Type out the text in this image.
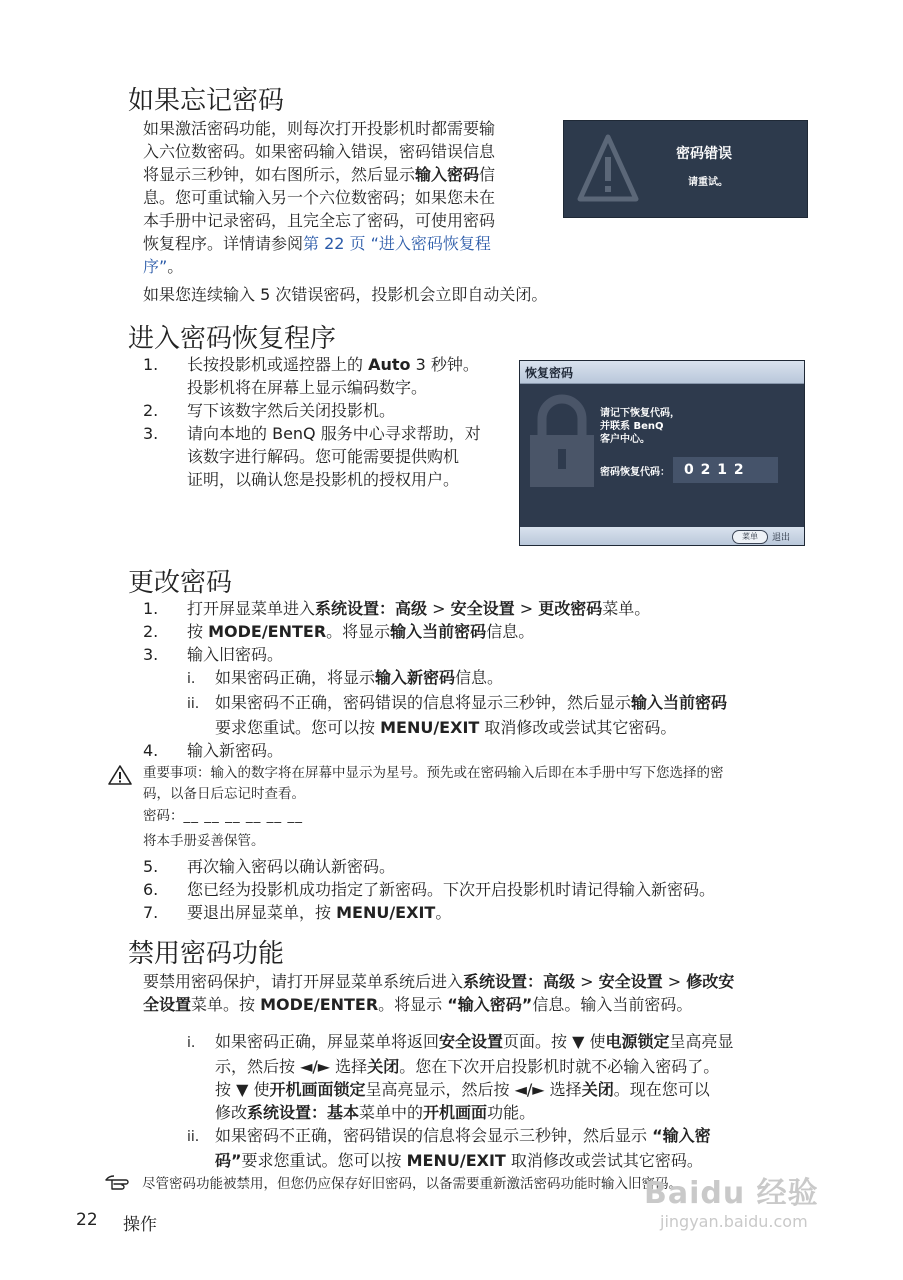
如果忘记密码
如果激活密码功能，则每次打开投影机时都需要输
入六位数密码。如果密码输入错误，密码错误信息
将显示三秒钟，如右图所示，然后显示输入密码信
息。您可重试输入另一个六位数密码；如果您未在
本手册中记录密码，且完全忘了密码，可使用密码
恢复程序。详情请参阅第 22 页 “进入密码恢复程
序”。
密码错误
请重试。
如果您连续输入 5 次错误密码，投影机会立即自动关闭。
进入密码恢复程序
1. 长按投影机或遥控器上的 Auto 3 秒钟。
投影机将在屏幕上显示编码数字。
2. 写下该数字然后关闭投影机。
3. 请向本地的 BenQ 服务中心寻求帮助，对
该数字进行解码。您可能需要提供购机
证明，以确认您是投影机的授权用户。
恢复密码
请记下恢复代码，
并联系 BenQ
客户中心。
密码恢复代码： 0 2 1 2
菜单	退出
更改密码
1. 打开屏显菜单进入系统设置：高级 > 安全设置 > 更改密码菜单。
2. 按 MODE/ENTER。将显示输入当前密码信息。
3. 输入旧密码。
i. 如果密码正确，将显示输入新密码信息。
ii. 如果密码不正确，密码错误的信息将显示三秒钟，然后显示输入当前密码
要求您重试。您可以按 MENU/EXIT 取消修改或尝试其它密码。
4. 输入新密码。
重要事项：输入的数字将在屏幕中显示为星号。预先或在密码输入后即在本手册中写下您选择的密
码，以备日后忘记时查看。
密码：__ __ __ __ __ __
将本手册妥善保管。
5. 再次输入密码以确认新密码。
6. 您已经为投影机成功指定了新密码。下次开启投影机时请记得输入新密码。
7. 要退出屏显菜单，按 MENU/EXIT。
禁用密码功能
要禁用密码保护，请打开屏显菜单系统后进入系统设置：高级 > 安全设置 > 修改安
全设置菜单。按 MODE/ENTER。将显示 “输入密码”信息。输入当前密码。
i. 如果密码正确，屏显菜单将返回安全设置页面。按 ▼ 使电源锁定呈高亮显
示，然后按 ◄/► 选择关闭。您在下次开启投影机时就不必输入密码了。
按 ▼ 使开机画面锁定呈高亮显示，然后按 ◄/► 选择关闭。现在您可以
修改系统设置：基本菜单中的开机画面功能。
ii. 如果密码不正确，密码错误的信息将会显示三秒钟，然后显示 “输入密
码”要求您重试。您可以按 MENU/EXIT 取消修改或尝试其它密码。
尽管密码功能被禁用，但您仍应保存好旧密码，以备需要重新激活密码功能时输入旧密码。
22 操作
Baidu 经验
jingyan.baidu.com
